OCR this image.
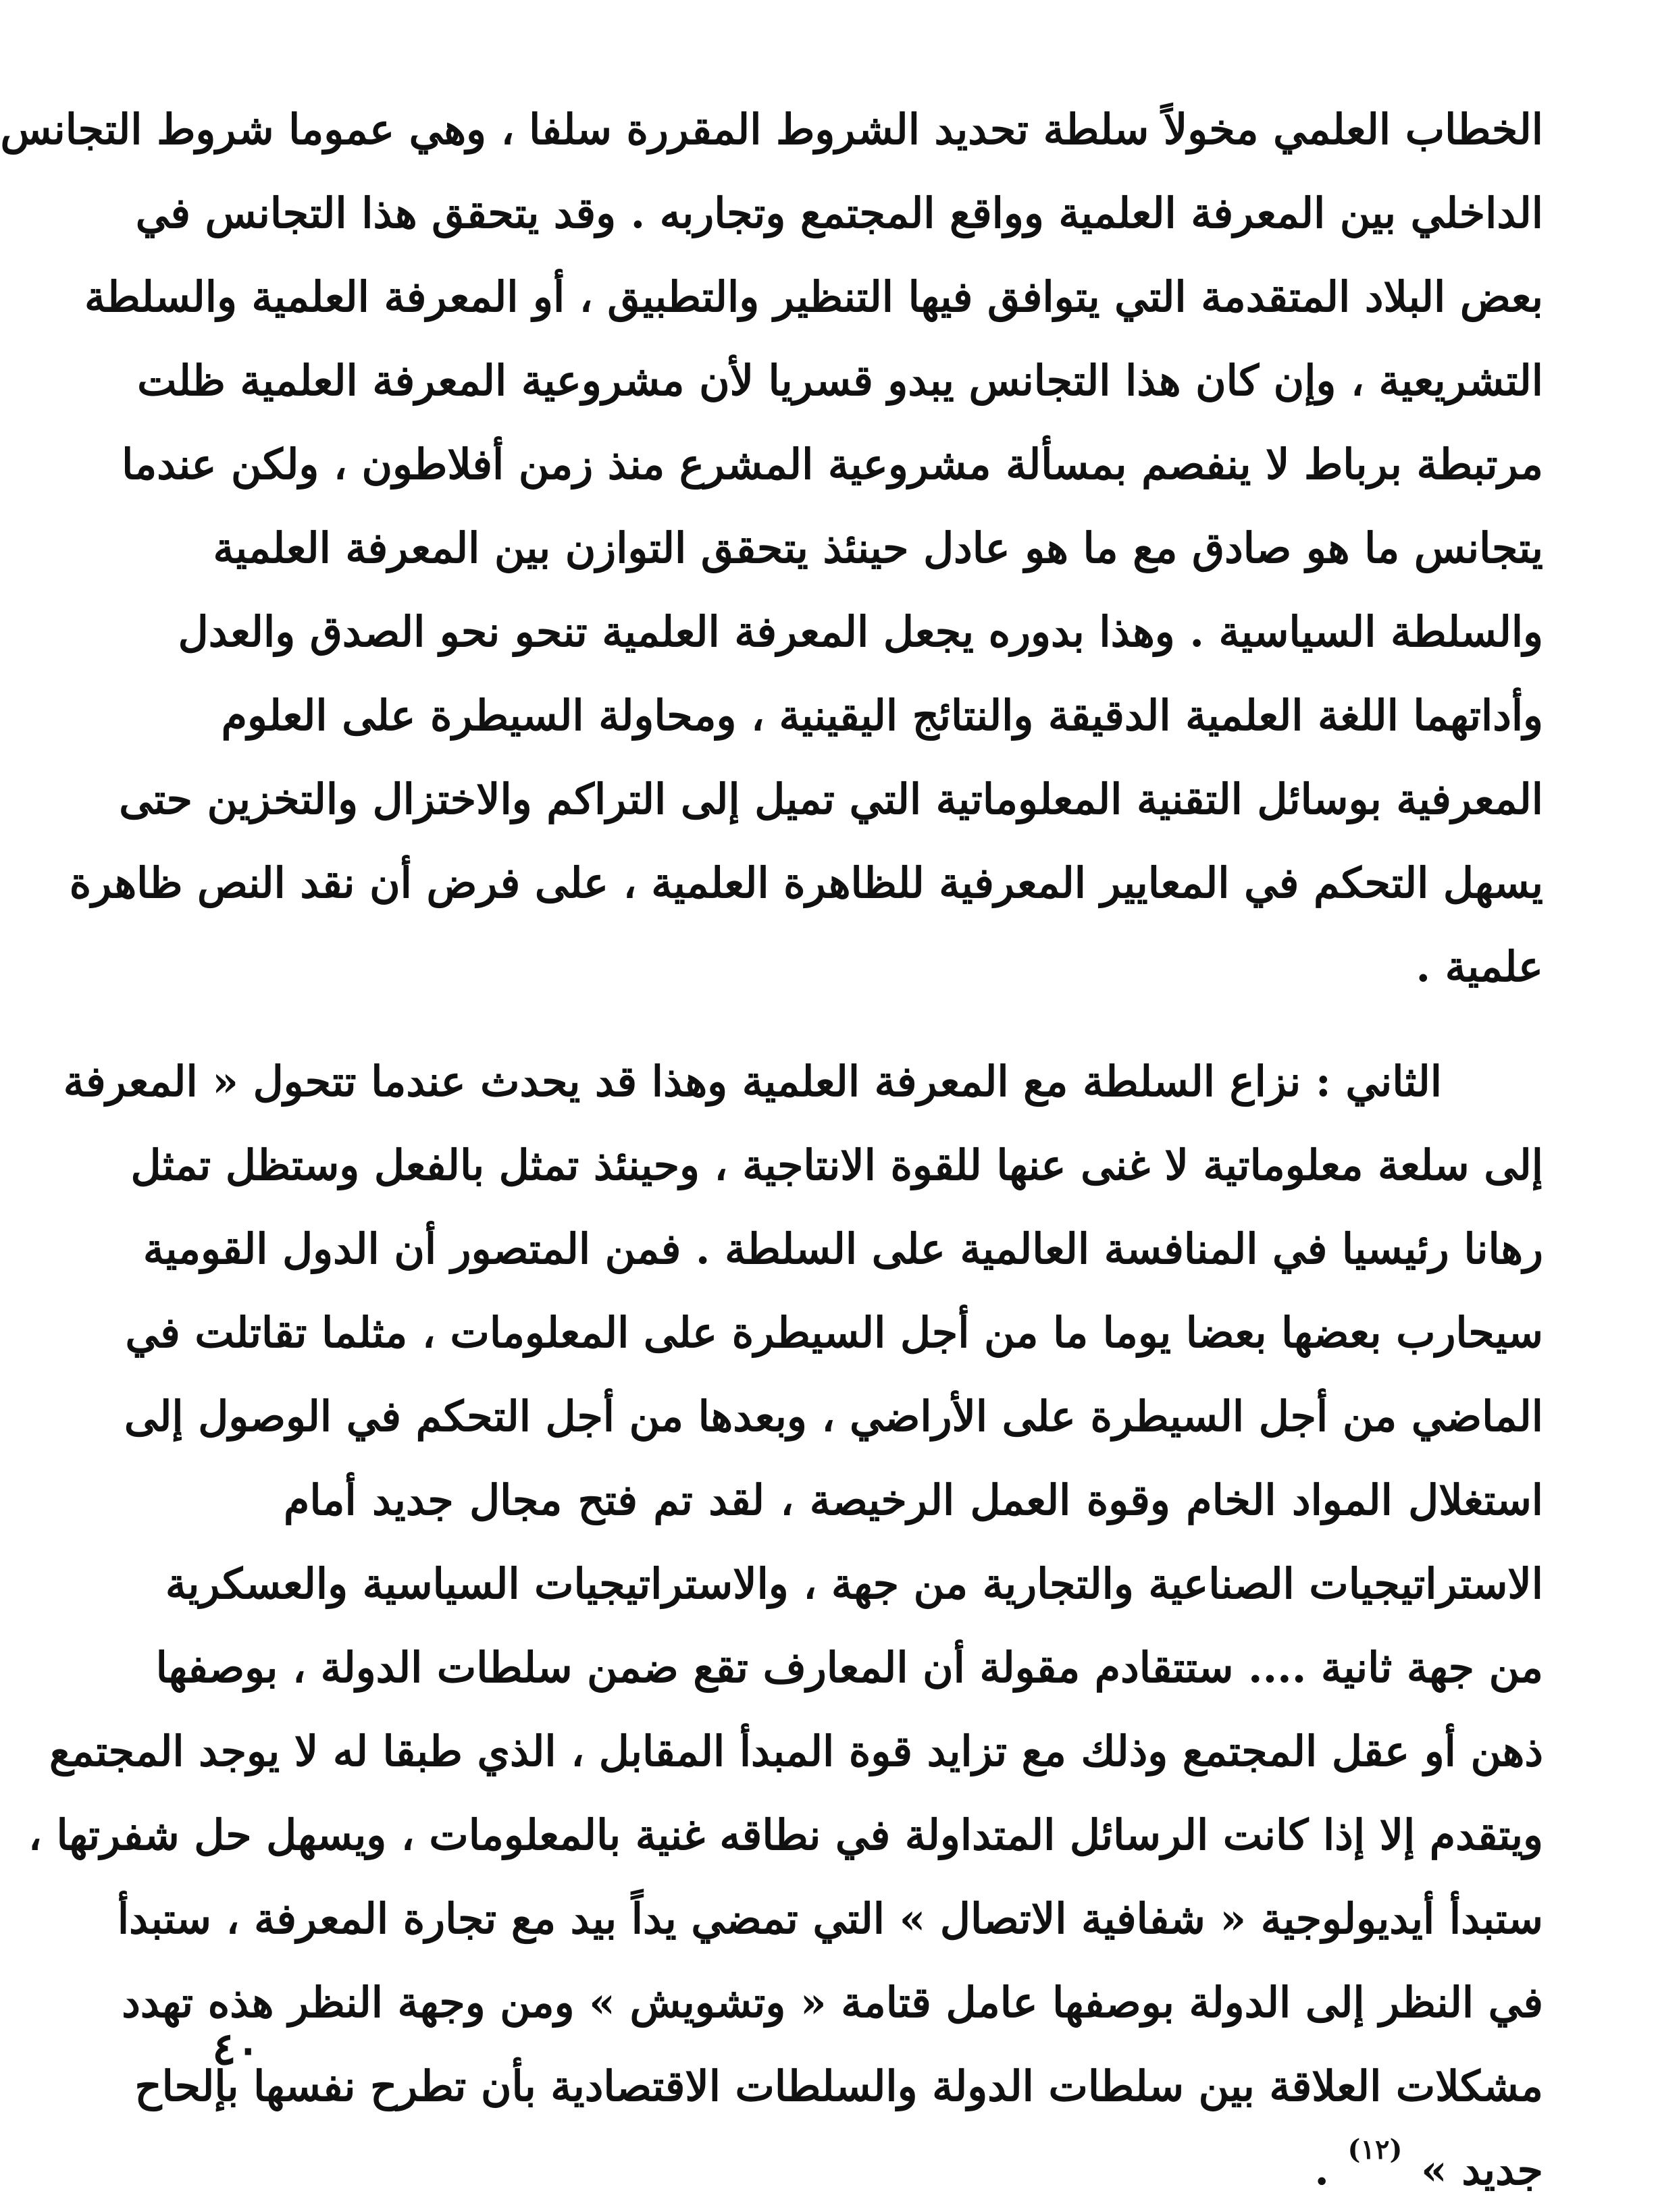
الخطاب العلمي مخولاً سلطة تحديد الشروط المقررة سلفا ، وهي عموما شروط التجانس
الداخلي بين المعرفة العلمية وواقع المجتمع وتجاربه . وقد يتحقق هذا التجانس في
بعض البلاد المتقدمة التي يتوافق فيها التنظير والتطبيق ، أو المعرفة العلمية والسلطة
التشريعية ، وإن كان هذا التجانس يبدو قسريا لأن مشروعية المعرفة العلمية ظلت
مرتبطة برباط لا ينفصم بمسألة مشروعية المشرع منذ زمن أفلاطون ، ولكن عندما
يتجانس ما هو صادق مع ما هو عادل حينئذ يتحقق التوازن بين المعرفة العلمية
والسلطة السياسية . وهذا بدوره يجعل المعرفة العلمية تنحو نحو الصدق والعدل
وأداتهما اللغة العلمية الدقيقة والنتائج اليقينية ، ومحاولة السيطرة على العلوم
المعرفية بوسائل التقنية المعلوماتية التي تميل إلى التراكم والاختزال والتخزين حتى
يسهل التحكم في المعايير المعرفية للظاهرة العلمية ، على فرض أن نقد النص ظاهرة
علمية .
الثاني : نزاع السلطة مع المعرفة العلمية وهذا قد يحدث عندما تتحول « المعرفة
إلى سلعة معلوماتية لا غنى عنها للقوة الانتاجية ، وحينئذ تمثل بالفعل وستظل تمثل
رهانا رئيسيا في المنافسة العالمية على السلطة . فمن المتصور أن الدول القومية
سيحارب بعضها بعضا يوما ما من أجل السيطرة على المعلومات ، مثلما تقاتلت في
الماضي من أجل السيطرة على الأراضي ، وبعدها من أجل التحكم في الوصول إلى
استغلال المواد الخام وقوة العمل الرخيصة ، لقد تم فتح مجال جديد أمام
الاستراتيجيات الصناعية والتجارية من جهة ، والاستراتيجيات السياسية والعسكرية
من جهة ثانية .... ستتقادم مقولة أن المعارف تقع ضمن سلطات الدولة ، بوصفها
ذهن أو عقل المجتمع وذلك مع تزايد قوة المبدأ المقابل ، الذي طبقا له لا يوجد المجتمع
ويتقدم إلا إذا كانت الرسائل المتداولة في نطاقه غنية بالمعلومات ، ويسهل حل شفرتها ،
ستبدأ أيديولوجية « شفافية الاتصال » التي تمضي يداً بيد مع تجارة المعرفة ، ستبدأ
في النظر إلى الدولة بوصفها عامل قتامة « وتشويش » ومن وجهة النظر هذه تهدد
مشكلات العلاقة بين سلطات الدولة والسلطات الاقتصادية بأن تطرح نفسها بإلحاح
جديد » $^{(١٢)}$ .
٤٠
